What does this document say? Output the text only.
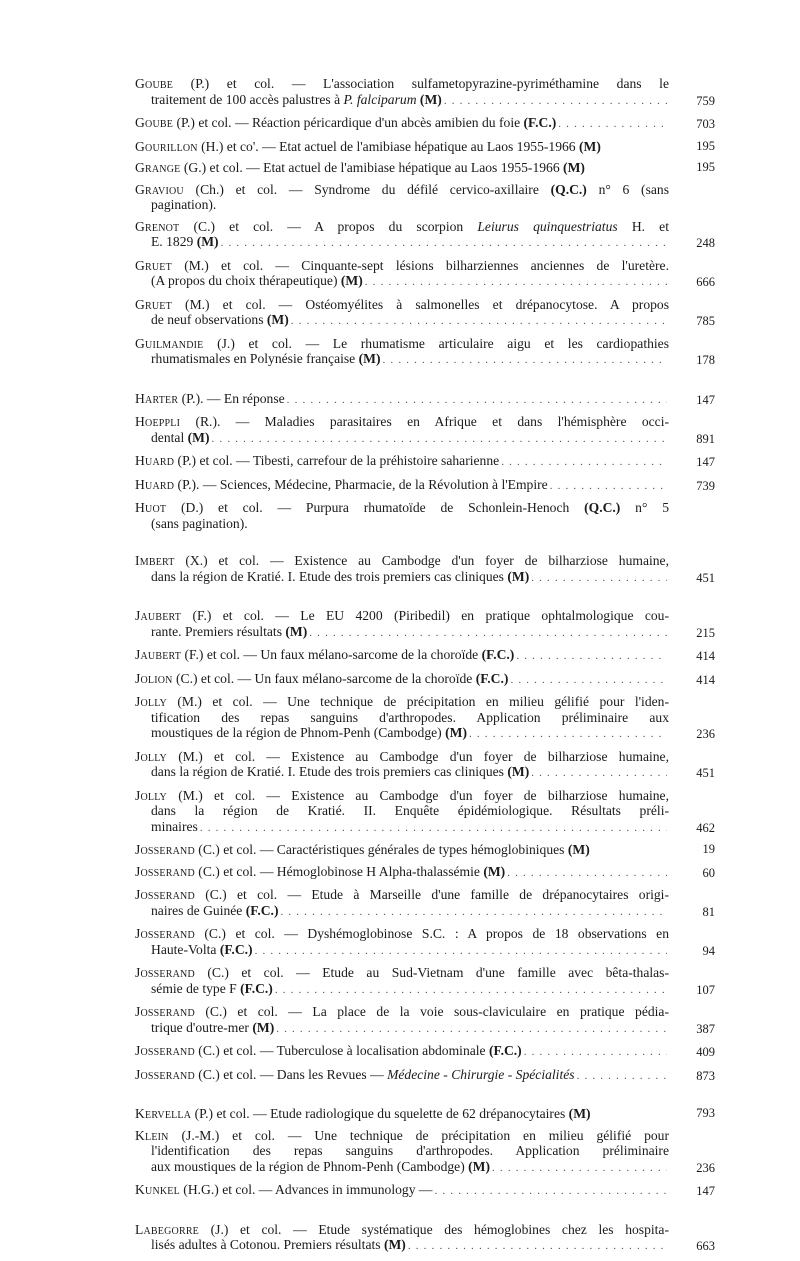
Goube (P.) et col. — L'association sulfametopyrazine-pyriméthamine dans le
traitement de 100 accès palustres à P. falciparum (M) . . .	759
Goube (P.) et col. — Réaction péricardique d'un abcès amibien du foie (F.C.) . . .	703
Gourillon (H.) et co'. — Etat actuel de l'amibiase hépatique au Laos 1955-1966 (M)	195
Grange (G.) et col. — Etat actuel de l'amibiase hépatique au Laos 1955-1966 (M)	195
Graviou (Ch.) et col. — Syndrome du défilé cervico-axillaire (Q.C.) n° 6 (sans
pagination).
Grenot (C.) et col. — A propos du scorpion Leiurus quinquestriatus H. et
E. 1829 (M) . . .	248
Gruet (M.) et col. — Cinquante-sept lésions bilharziennes anciennes de l'uretère.
(A propos du choix thérapeutique) (M) . . .	666
Gruet (M.) et col. — Ostéomyélites à salmonelles et drépanocytose. A propos
de neuf observations (M) . . .	785
Guilmandie (J.) et col. — Le rhumatisme articulaire aigu et les cardiopathies
rhumatismales en Polynésie française (M) . . .	178
Harter (P.). — En réponse . . .	147
Hoeppli (R.). — Maladies parasitaires en Afrique et dans l'hémisphère occi-
dental (M) . . .	891
Huard (P.) et col. — Tibesti, carrefour de la préhistoire saharienne . . .	147
Huard (P.). — Sciences, Médecine, Pharmacie, de la Révolution à l'Empire . . .	739
Huot (D.) et col. — Purpura rhumatoïde de Schonlein-Henoch (Q.C.) n° 5
(sans pagination).
Imbert (X.) et col. — Existence au Cambodge d'un foyer de bilharziose humaine,
dans la région de Kratié. I. Etude des trois premiers cas cliniques (M) . . .	451
Jaubert (F.) et col. — Le EU 4200 (Piribedil) en pratique ophtalmologique cou-
rante. Premiers résultats (M) . . .	215
Jaubert (F.) et col. — Un faux mélano-sarcome de la choroïde (F.C.) . . .	414
Jolion (C.) et col. — Un faux mélano-sarcome de la choroïde (F.C.) . . .	414
Jolly (M.) et col. — Une technique de précipitation en milieu gélifié pour l'iden-
tification des repas sanguins d'arthropodes. Application préliminaire aux
moustiques de la région de Phnom-Penh (Cambodge) (M) . . .	236
Jolly (M.) et col. — Existence au Cambodge d'un foyer de bilharziose humaine,
dans la région de Kratié. I. Etude des trois premiers cas cliniques (M) . . .	451
Jolly (M.) et col. — Existence au Cambodge d'un foyer de bilharziose humaine,
dans la région de Kratié. II. Enquête épidémiologique. Résultats préli-
minaires . . .	462
Josserand (C.) et col. — Caractéristiques générales de types hémoglobiniques (M)	19
Josserand (C.) et col. — Hémoglobinose H Alpha-thalassémie (M) . . .	60
Josserand (C.) et col. — Etude à Marseille d'une famille de drépanocytaires origi-
naires de Guinée (F.C.) . . .	81
Josserand (C.) et col. — Dyshémoglobinose S.C. : A propos de 18 observations en
Haute-Volta (F.C.) . . .	94
Josserand (C.) et col. — Etude au Sud-Vietnam d'une famille avec bêta-thalas-
sémie de type F (F.C.) . . .	107
Josserand (C.) et col. — La place de la voie sous-claviculaire en pratique pédia-
trique d'outre-mer (M) . . .	387
Josserand (C.) et col. — Tuberculose à localisation abdominale (F.C.) . . .	409
Josserand (C.) et col. — Dans les Revues — Médecine - Chirurgie - Spécialités . . .	873
Kervella (P.) et col. — Etude radiologique du squelette de 62 drépanocytaires (M)	793
Klein (J.-M.) et col. — Une technique de précipitation en milieu gélifié pour
l'identification des repas sanguins d'arthropodes. Application préliminaire
aux moustiques de la région de Phnom-Penh (Cambodge) (M) . . .	236
Kunkel (H.G.) et col. — Advances in immunology — . . .	147
Labegorre (J.) et col. — Etude systématique des hémoglobines chez les hospita-
lisés adultes à Cotonou. Premiers résultats (M) . . .	663
